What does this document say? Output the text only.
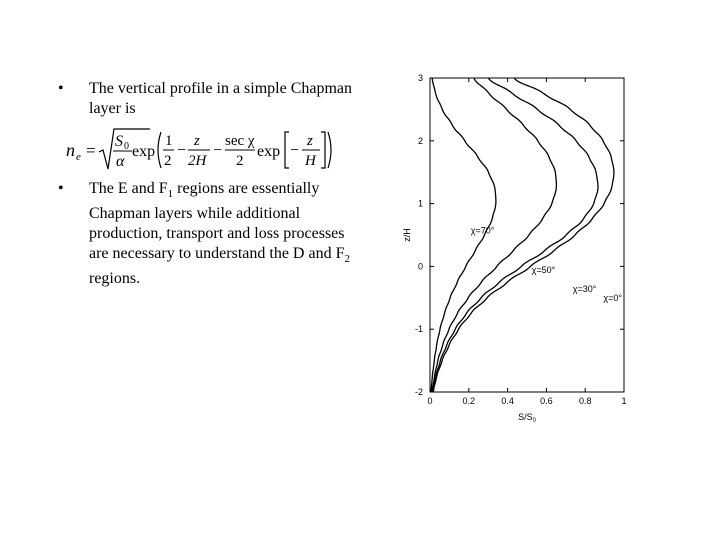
• The vertical profile in a simple Chapman layer is
n e = S 0
α
exp
1
2
−
z
2H
−
sec χ
2
exp −
z
H
• The E and $F_1$ regions are essentially Chapman layers while additional production, transport and loss processes are necessary to understand the D and $F_2$ regions.
0	0.2	0.4	0.6	0.8	1
-2
-1
0
1
2
3
χ=70°
χ=50°
χ=30°
χ=0°
$S/S_0$
z/H
